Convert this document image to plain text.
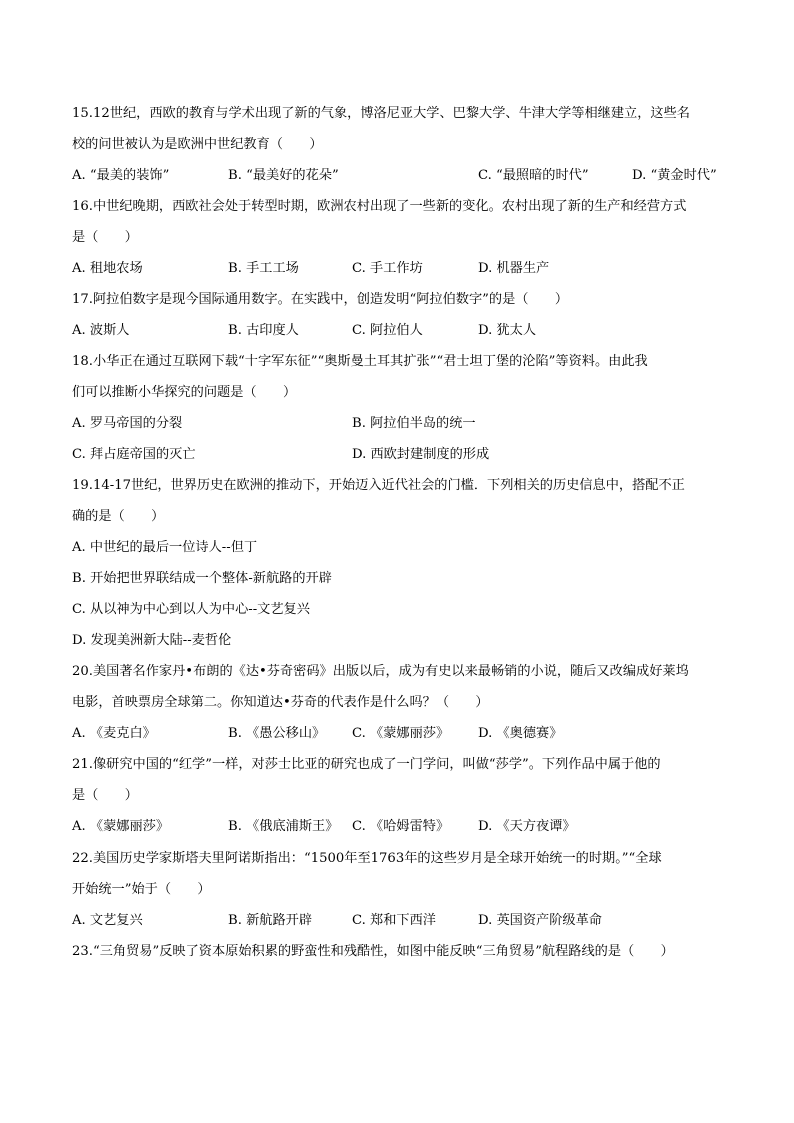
15.12世纪，西欧的教育与学术出现了新的气象，博洛尼亚大学、巴黎大学、牛津大学等相继建立，这些名
校的问世被认为是欧洲中世纪教育（　　）
A. “最美的装饰”	B. “最美好的花朵”	C. “最照暗的时代”	D. “黄金时代”
16.中世纪晚期，西欧社会处于转型时期，欧洲农村出现了一些新的变化。农村出现了新的生产和经营方式
是（　　）
A. 租地农场	B. 手工工场	C. 手工作坊	D. 机器生产
17.阿拉伯数字是现今国际通用数字。在实践中，创造发明“阿拉伯数字”的是（　　）
A. 波斯人	B. 古印度人	C. 阿拉伯人	D. 犹太人
18.小华正在通过互联网下载“十字军东征”“奥斯曼土耳其扩张”“君士坦丁堡的沦陷”等资料。由此我
们可以推断小华探究的问题是（　　）
A. 罗马帝国的分裂	B. 阿拉伯半岛的统一
C. 拜占庭帝国的灭亡	D. 西欧封建制度的形成
19.14-17世纪，世界历史在欧洲的推动下，开始迈入近代社会的门槛．下列相关的历史信息中，搭配不正
确的是（　　）
A. 中世纪的最后一位诗人--但丁
B. 开始把世界联结成一个整体-新航路的开辟
C. 从以神为中心到以人为中心--文艺复兴
D. 发现美洲新大陆--麦哲伦
20.美国著名作家丹•布朗的《达•芬奇密码》出版以后，成为有史以来最畅销的小说，随后又改编成好莱坞
电影，首映票房全球第二。你知道达•芬奇的代表作是什么吗？（　　）
A. 《麦克白》	B. 《愚公移山》 C. 《蒙娜丽莎》 D. 《奥德赛》
21.像研究中国的“红学”一样，对莎士比亚的研究也成了一门学问，叫做“莎学”。下列作品中属于他的
是（　　）
A. 《蒙娜丽莎》	B. 《俄底浦斯王》 C. 《哈姆雷特》 D. 《天方夜谭》
22.美国历史学家斯塔夫里阿诺斯指出：“1500年至1763年的这些岁月是全球开始统一的时期。”“全球
开始统一”始于（　　）
A. 文艺复兴	B. 新航路开辟	C. 郑和下西洋	D. 英国资产阶级革命
23.“三角贸易”反映了资本原始积累的野蛮性和残酷性，如图中能反映“三角贸易”航程路线的是（　　）
